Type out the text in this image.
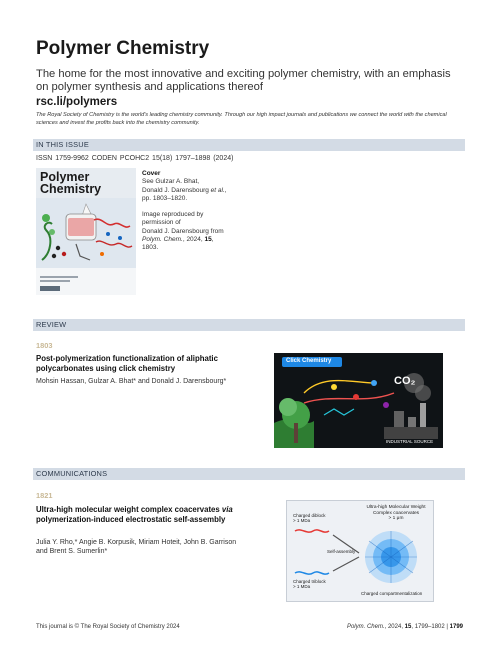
Polymer Chemistry
The home for the most innovative and exciting polymer chemistry, with an emphasis on polymer synthesis and applications thereof
rsc.li/polymers
The Royal Society of Chemistry is the world's leading chemistry community. Through our high impact journals and publications we connect the world with the chemical sciences and invest the profits back into the chemistry community.
IN THIS ISSUE
ISSN 1759-9962 CODEN PCOHC2 15(18) 1797–1898 (2024)
Polymer
Chemistry
Cover
See Gulzar A. Bhat,
Donald J. Darensbourg et al.,
pp. 1803–1820.
Image reproduced by
permission of
Donald J. Darensbourg from
Polym. Chem., 2024, 15,
1803.
REVIEW
1803
Post-polymerization functionalization of aliphatic polycarbonates using click chemistry
Mohsin Hassan, Gulzar A. Bhat* and Donald J. Darensbourg*
Click Chemistry
CO₂
INDUSTRIAL SOURCE
COMMUNICATIONS
1821
Ultra-high molecular weight complex coacervates via polymerization-induced electrostatic self-assembly
Julia Y. Rho,* Angie B. Korpusik, Miriam Hoteit, John B. Garrison and Brent S. Sumerlin*
Ultra-high Molecular Weight
Complex coacervates
> 1 μm
Charged diblock
> 1 MDa
Self-assembly
Charged triblock
> 1 MDa
Charged compartmentalization
This journal is © The Royal Society of Chemistry 2024	Polym. Chem., 2024, 15, 1799–1802 | 1799
